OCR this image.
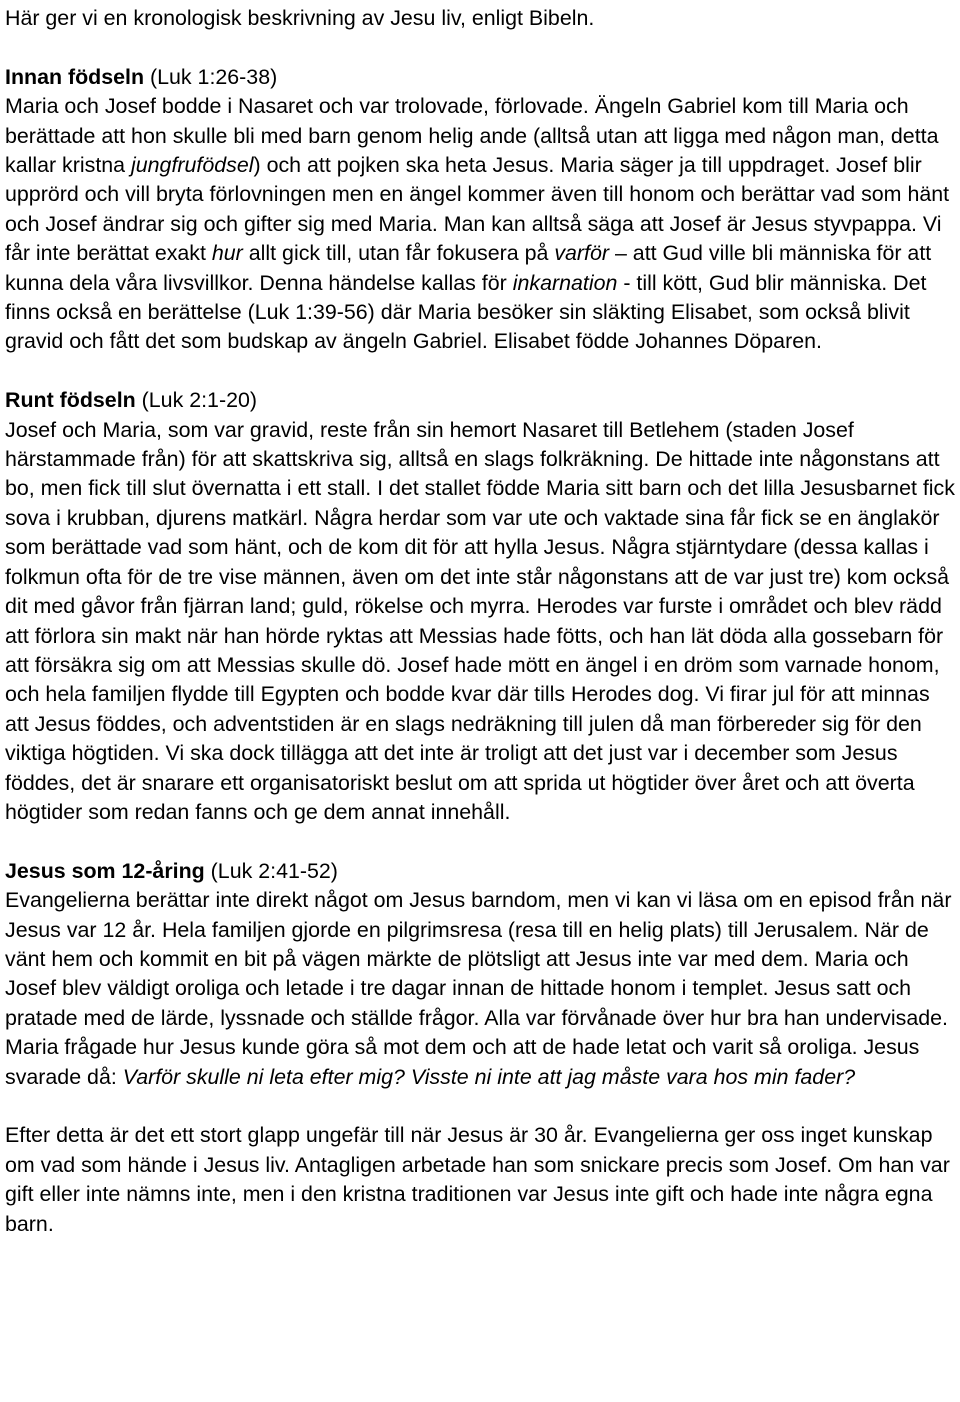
Här ger vi en kronologisk beskrivning av Jesu liv, enligt Bibeln.

Innan födseln (Luk 1:26-38)

Maria och Josef bodde i Nasaret och var trolovade, förlovade. Ängeln Gabriel kom till Maria och berättade att hon skulle bli med barn genom helig ande (alltså utan att ligga med någon man, detta kallar kristna jungfrufödsel) och att pojken ska heta Jesus. Maria säger ja till uppdraget. Josef blir upprörd och vill bryta förlovningen men en ängel kommer även till honom och berättar vad som hänt och Josef ändrar sig och gifter sig med Maria. Man kan alltså säga att Josef är Jesus styvpappa. Vi får inte berättat exakt hur allt gick till, utan får fokusera på varför – att Gud ville bli människa för att kunna dela våra livsvillkor. Denna händelse kallas för inkarnation - till kött, Gud blir människa. Det finns också en berättelse (Luk 1:39-56) där Maria besöker sin släkting Elisabet, som också blivit gravid och fått det som budskap av ängeln Gabriel. Elisabet födde Johannes Döparen.

Runt födseln (Luk 2:1-20)

Josef och Maria, som var gravid, reste från sin hemort Nasaret till Betlehem (staden Josef härstammade från) för att skattskriva sig, alltså en slags folkräkning. De hittade inte någonstans att bo, men fick till slut övernatta i ett stall. I det stallet födde Maria sitt barn och det lilla Jesusbarnet fick sova i krubban, djurens matkärl. Några herdar som var ute och vaktade sina får fick se en änglakör som berättade vad som hänt, och de kom dit för att hylla Jesus. Några stjärntydare (dessa kallas i folkmun ofta för de tre vise männen, även om det inte står någonstans att de var just tre) kom också dit med gåvor från fjärran land; guld, rökelse och myrra. Herodes var furste i området och blev rädd att förlora sin makt när han hörde ryktas att Messias hade fötts, och han lät döda alla gossebarn för att försäkra sig om att Messias skulle dö. Josef hade mött en ängel i en dröm som varnade honom, och hela familjen flydde till Egypten och bodde kvar där tills Herodes dog. Vi firar jul för att minnas att Jesus föddes, och adventstiden är en slags nedräkning till julen då man förbereder sig för den viktiga högtiden. Vi ska dock tillägga att det inte är troligt att det just var i december som Jesus föddes, det är snarare ett organisatoriskt beslut om att sprida ut högtider över året och att överta högtider som redan fanns och ge dem annat innehåll.

Jesus som 12-åring (Luk 2:41-52)

Evangelierna berättar inte direkt något om Jesus barndom, men vi kan vi läsa om en episod från när Jesus var 12 år. Hela familjen gjorde en pilgrimsresa (resa till en helig plats) till Jerusalem. När de vänt hem och kommit en bit på vägen märkte de plötsligt att Jesus inte var med dem. Maria och Josef blev väldigt oroliga och letade i tre dagar innan de hittade honom i templet. Jesus satt och pratade med de lärde, lyssnade och ställde frågor. Alla var förvånade över hur bra han undervisade. Maria frågade hur Jesus kunde göra så mot dem och att de hade letat och varit så oroliga. Jesus svarade då: Varför skulle ni leta efter mig? Visste ni inte att jag måste vara hos min fader?

Efter detta är det ett stort glapp ungefär till när Jesus är 30 år. Evangelierna ger oss inget kunskap om vad som hände i Jesus liv. Antagligen arbetade han som snickare precis som Josef. Om han var gift eller inte nämns inte, men i den kristna traditionen var Jesus inte gift och hade inte några egna barn.
